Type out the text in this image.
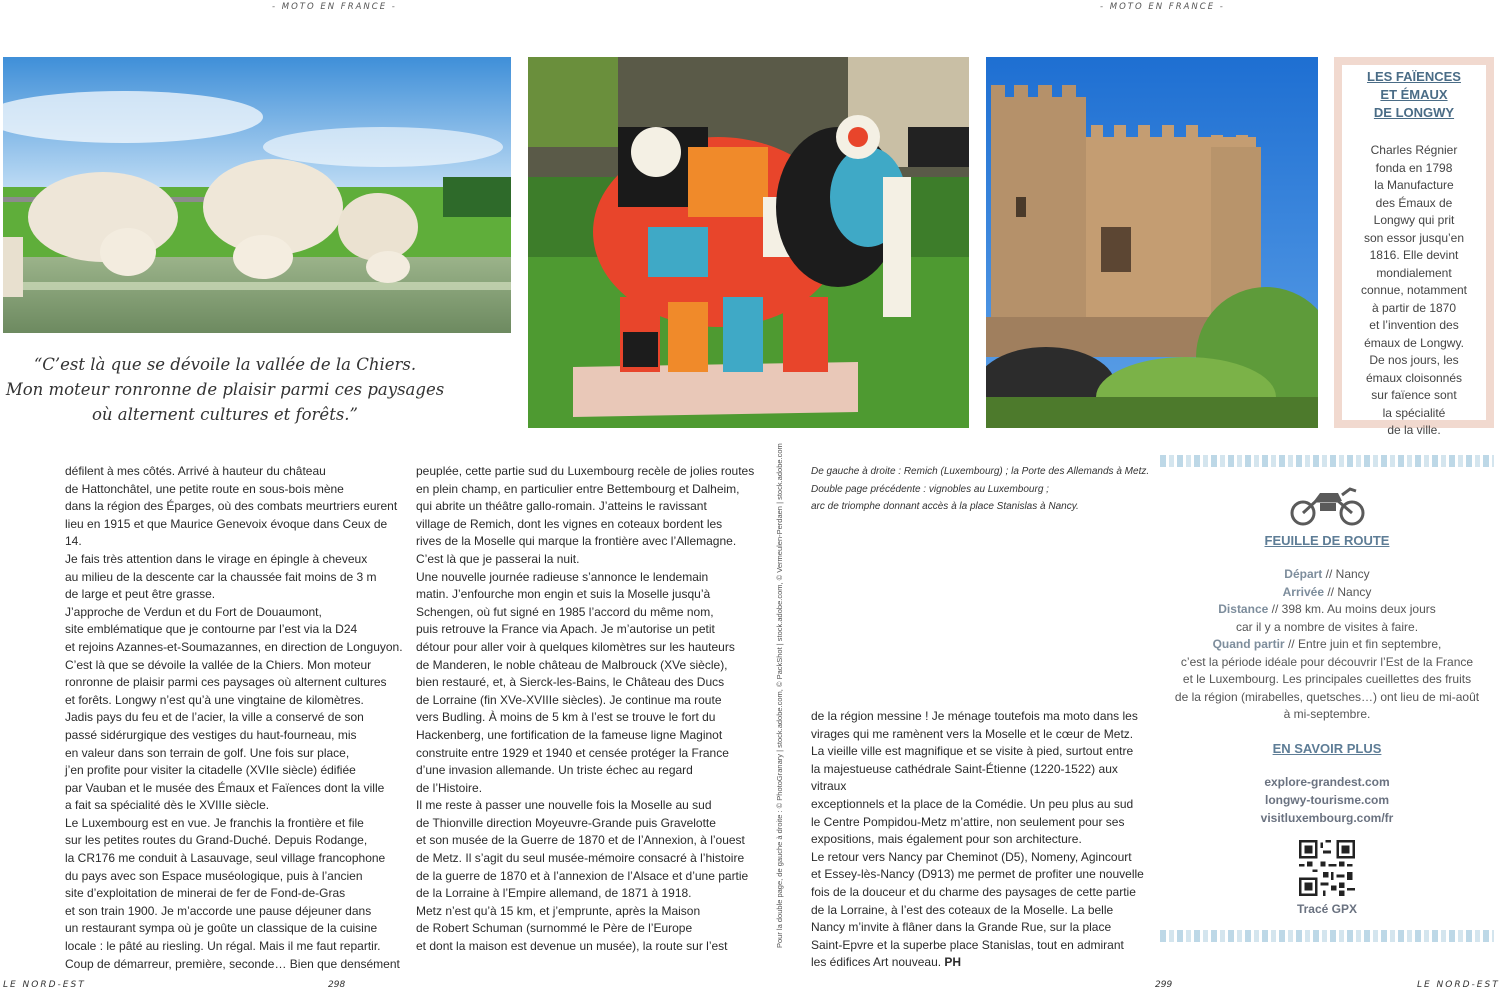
- MOTO EN FRANCE -	- MOTO EN FRANCE -
LES FAÏENCES
ET ÉMAUX
DE LONGWY
Charles Régnier
fonda en 1798
la Manufacture
des Émaux de
Longwy qui prit
son essor jusqu’en
1816. Elle devint
mondialement
connue, notamment
à partir de 1870
et l’invention des
émaux de Longwy.
De nos jours, les
émaux cloisonnés
sur faïence sont
la spécialité
de la ville.
“C’est là que se dévoile la vallée de la Chiers.
Mon moteur ronronne de plaisir parmi ces paysages
où alternent cultures et forêts.”

défilent à mes côtés. Arrivé à hauteur du château
de Hattonchâtel, une petite route en sous-bois mène
dans la région des Éparges, où des combats meurtriers eurent
lieu en 1915 et que Maurice Genevoix évoque dans Ceux de 14.
Je fais très attention dans le virage en épingle à cheveux
au milieu de la descente car la chaussée fait moins de 3 m
de large et peut être grasse.
J’approche de Verdun et du Fort de Douaumont,
site emblématique que je contourne par l’est via la D24
et rejoins Azannes-et-Soumazannes, en direction de Longuyon.
C’est là que se dévoile la vallée de la Chiers. Mon moteur
ronronne de plaisir parmi ces paysages où alternent cultures
et forêts. Longwy n’est qu’à une vingtaine de kilomètres.
Jadis pays du feu et de l’acier, la ville a conservé de son
passé sidérurgique des vestiges du haut-fourneau, mis
en valeur dans son terrain de golf. Une fois sur place,
j’en profite pour visiter la citadelle (XVIIe siècle) édifiée
par Vauban et le musée des Émaux et Faïences dont la ville
a fait sa spécialité dès le XVIIIe siècle.
Le Luxembourg est en vue. Je franchis la frontière et file
sur les petites routes du Grand-Duché. Depuis Rodange,
la CR176 me conduit à Lasauvage, seul village francophone
du pays avec son Espace muséologique, puis à l’ancien
site d’exploitation de minerai de fer de Fond-de-Gras
et son train 1900. Je m’accorde une pause déjeuner dans
un restaurant sympa où je goûte un classique de la cuisine
locale : le pâté au riesling. Un régal. Mais il me faut repartir.
Coup de démarreur, première, seconde… Bien que densément

peuplée, cette partie sud du Luxembourg recèle de jolies routes
en plein champ, en particulier entre Bettembourg et Dalheim,
qui abrite un théâtre gallo-romain. J’atteins le ravissant
village de Remich, dont les vignes en coteaux bordent les
rives de la Moselle qui marque la frontière avec l’Allemagne.
C’est là que je passerai la nuit.
Une nouvelle journée radieuse s’annonce le lendemain
matin. J’enfourche mon engin et suis la Moselle jusqu’à
Schengen, où fut signé en 1985 l’accord du même nom,
puis retrouve la France via Apach. Je m’autorise un petit
détour pour aller voir à quelques kilomètres sur les hauteurs
de Manderen, le noble château de Malbrouck (XVe siècle),
bien restauré, et, à Sierck-les-Bains, le Château des Ducs
de Lorraine (fin XVe-XVIIIe siècles). Je continue ma route
vers Budling. À moins de 5 km à l’est se trouve le fort du
Hackenberg, une fortification de la fameuse ligne Maginot
construite entre 1929 et 1940 et censée protéger la France
d’une invasion allemande. Un triste échec au regard
de l’Histoire.
Il me reste à passer une nouvelle fois la Moselle au sud
de Thionville direction Moyeuvre-Grande puis Gravelotte
et son musée de la Guerre de 1870 et de l’Annexion, à l’ouest
de Metz. Il s’agit du seul musée-mémoire consacré à l’histoire
de la guerre de 1870 et à l’annexion de l’Alsace et d’une partie
de la Lorraine à l’Empire allemand, de 1871 à 1918.
Metz n’est qu’à 15 km, et j’emprunte, après la Maison
de Robert Schuman (surnommé le Père de l’Europe
et dont la maison est devenue un musée), la route sur l’est	Pour la double page, de gauche à droite : © PhotoGranary | stock.adobe.com, © PackShot | stock.adobe.com, © Vermeulen-Perdaen | stock.adobe.com	De gauche à droite : Remich (Luxembourg) ; la Porte des Allemands à Metz.
Double page précédente : vignobles au Luxembourg ;
arc de triomphe donnant accès à la place Stanislas à Nancy.

de la région messine ! Je ménage toutefois ma moto dans les
virages qui me ramènent vers la Moselle et le cœur de Metz.
La vieille ville est magnifique et se visite à pied, surtout entre
la majestueuse cathédrale Saint-Étienne (1220-1522) aux vitraux
exceptionnels et la place de la Comédie. Un peu plus au sud
le Centre Pompidou-Metz m’attire, non seulement pour ses
expositions, mais également pour son architecture.
Le retour vers Nancy par Cheminot (D5), Nomeny, Agincourt
et Essey-lès-Nancy (D913) me permet de profiter une nouvelle
fois de la douceur et du charme des paysages de cette partie
de la Lorraine, à l’est des coteaux de la Moselle. La belle
Nancy m’invite à flâner dans la Grande Rue, sur la place
Saint-Epvre et la superbe place Stanislas, tout en admirant
les édifices Art nouveau. PH
FEUILLE DE ROUTE
Départ // Nancy
Arrivée // Nancy
Distance // 398 km. Au moins deux jours
car il y a nombre de visites à faire.
Quand partir // Entre juin et fin septembre,
c’est la période idéale pour découvrir l’Est de la France
et le Luxembourg. Les principales cueillettes des fruits
de la région (mirabelles, quetsches…) ont lieu de mi-août
à mi-septembre.
EN SAVOIR PLUS
explore-grandest.com
longwy-tourisme.com
visitluxembourg.com/fr
Tracé GPX
LE NORD-EST	298	299	LE NORD-EST
